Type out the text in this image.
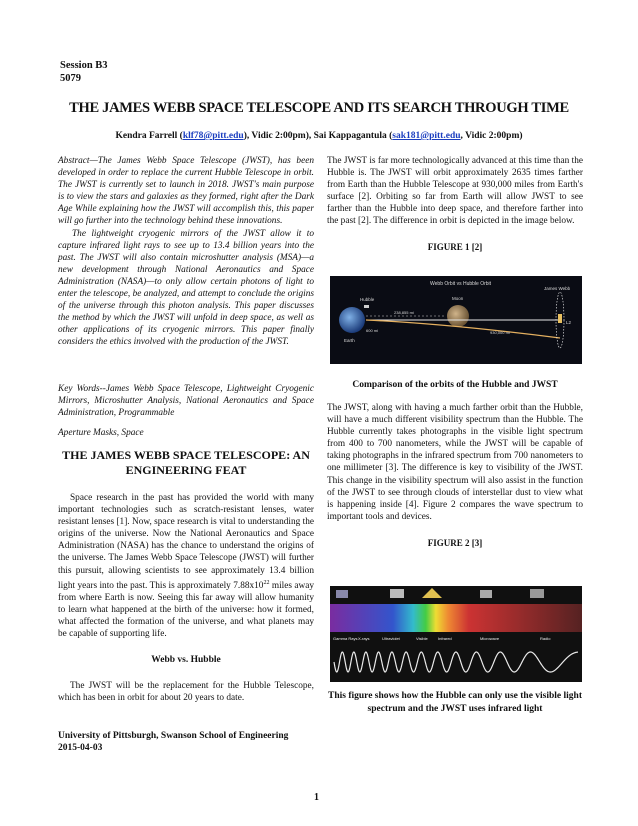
Session B3
5079
THE JAMES WEBB SPACE TELESCOPE AND ITS SEARCH THROUGH TIME
Kendra Farrell (klf78@pitt.edu), Vidic 2:00pm), Sai Kappagantula (sak181@pitt.edu, Vidic 2:00pm)

Abstract—The James Webb Space Telescope (JWST), has been developed in order to replace the current Hubble Telescope in orbit. The JWST is currently set to launch in 2018. JWST's main purpose is to view the stars and galaxies as they formed, right after the Dark Age While explaining how the JWST will accomplish this, this paper will go further into the technology behind these innovations.

The lightweight cryogenic mirrors of the JWST allow it to capture infrared light rays to see up to 13.4 billion years into the past. The JWST will also contain microshutter analysis (MSA)—a new development through National Aeronautics and Space Administration (NASA)—to only allow certain photons of light to enter the telescope, be analyzed, and attempt to conclude the origins of the universe through this photon analysis. This paper discusses the method by which the JWST will unfold in deep space, as well as other applications of its cryogenic mirrors. This paper finally considers the ethics involved with the production of the JWST.

Key Words--James Webb Space Telescope, Lightweight Cryogenic Mirrors, Microshutter Analysis, National Aeronautics and Space Administration, Programmable

Aperture Masks, Space

THE JAMES WEBB SPACE TELESCOPE: AN ENGINEERING FEAT

Space research in the past has provided the world with many important technologies such as scratch-resistant lenses, water resistant lenses [1]. Now, space research is vital to understanding the origins of the universe. Now the National Aeronautics and Space Administration (NASA) has the chance to understand the origins of the universe. The James Webb Space Telescope (JWST) will further this pursuit, allowing scientists to see approximately 13.4 billion light years into the past. This is approximately $7.88x10^{22}$ miles away from where Earth is now. Seeing this far away will allow humanity to learn what happened at the birth of the universe: how it formed, what affected the formation of the universe, and what planets may be capable of supporting life.

Webb vs. Hubble

The JWST will be the replacement for the Hubble Telescope, which has been in orbit for about 20 years to date.

The JWST is far more technologically advanced at this time than the Hubble is. The JWST will orbit approximately 2635 times farther from Earth than the Hubble Telescope at 930,000 miles from Earth's surface [2]. Orbiting so far from Earth will allow JWST to see farther than the Hubble into deep space, and therefore farther into the past [2]. The difference in orbit is depicted in the image below.

FIGURE 1 [2]
Webb Orbit vs Hubble Orbit
Hubble	Moon
Earth
James Webb
L2
238,855 mi
930,000 mi
600 mi
Comparison of the orbits of the Hubble and JWST

The JWST, along with having a much farther orbit than the Hubble, will have a much different visibility spectrum than the Hubble. The Hubble currently takes photographs in the visible light spectrum from 400 to 700 nanometers, while the JWST will be capable of taking photographs in the infrared spectrum from 700 nanometers to one millimeter [3]. The difference is key to visibility of the JWST. This change in the visibility spectrum will also assist in the function of the JWST to see through clouds of interstellar dust to view what is happening inside [4]. Figure 2 compares the wave spectrum to important tools and devices.

FIGURE 2 [3]
Gamma Rays X-rays	Ultraviolet	Visible	Infrared	Microwave	Radio
This figure shows how the Hubble can only use the visible light spectrum and the JWST uses infrared light
University of Pittsburgh, Swanson School of Engineering
2015-04-03
1
